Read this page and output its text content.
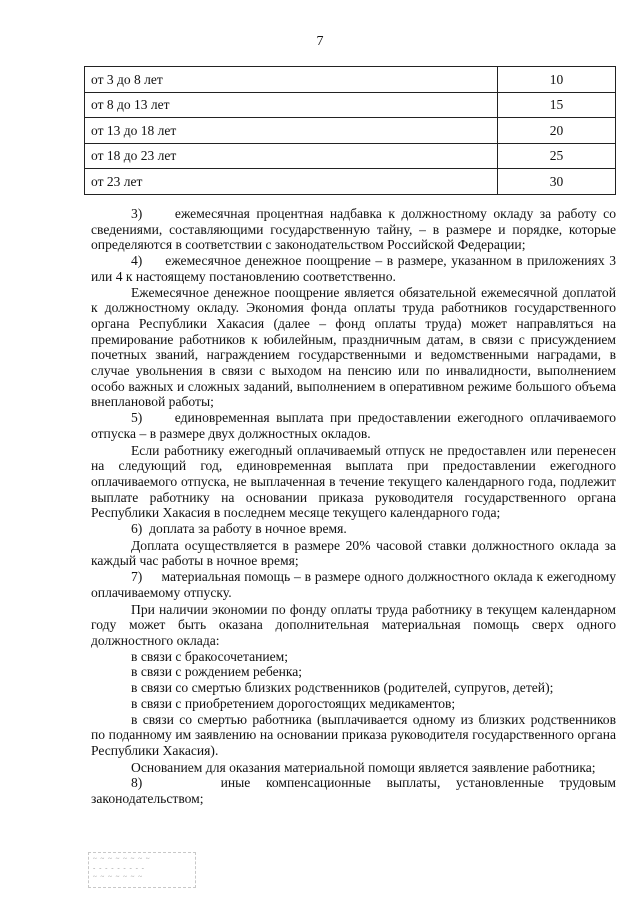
7
от 3 до 8 лет	10
от 8 до 13 лет	15
от 13 до 18 лет	20
от 18 до 23 лет	25
от 23 лет	30

3)     ежемесячная процентная надбавка к должностному окладу за работу со сведениями, составляющими государственную тайну, – в размере и порядке, которые определяются в соответствии с законодательством Российской Федерации;

4)     ежемесячное денежное поощрение – в размере, указанном в приложениях 3 или 4 к настоящему постановлению соответственно.

Ежемесячное денежное поощрение является обязательной ежемесячной доплатой к должностному окладу. Экономия фонда оплаты труда работников государственного органа Республики Хакасия (далее – фонд оплаты труда) может направляться на премирование работников к юбилейным, праздничным датам, в связи с присуждением почетных званий, награждением государственными и ведомственными наградами, в случае увольнения в связи с выходом на пенсию или по инвалидности, выполнением особо важных и сложных заданий, выполнением в оперативном режиме большого объема внеплановой работы;

5)     единовременная выплата при предоставлении ежегодного оплачиваемого отпуска – в размере двух должностных окладов.

Если работнику ежегодный оплачиваемый отпуск не предоставлен или перенесен на следующий год, единовременная выплата при предоставлении ежегодного оплачиваемого отпуска, не выплаченная в течение текущего календарного года, подлежит выплате работнику на основании приказа руководителя государственного органа Республики Хакасия в последнем месяце текущего календарного года;

6)  доплата за работу в ночное время.

Доплата осуществляется в размере 20% часовой ставки должностного оклада за каждый час работы в ночное время;

7)     материальная помощь – в размере одного должностного оклада к ежегодному оплачиваемому отпуску.

При наличии экономии по фонду оплаты труда работнику в текущем календарном году может быть оказана дополнительная материальная помощь сверх одного должностного оклада:

в связи с бракосочетанием;

в связи с рождением ребенка;

в связи со смертью близких родственников (родителей, супругов, детей);

в связи с приобретением дорогостоящих медикаментов;

в связи со смертью работника (выплачивается одному из близких родственников по поданному им заявлению на основании приказа руководителя государственного органа Республики Хакасия).

Основанием для оказания материальной помощи является заявление работника;

8)     иные компенсационные выплаты, установленные трудовым законодательством;

~ ~ ~ ~ ~ ~ ~ ~
- - - - - - - - -
~ ~ ~ ~ ~ ~ ~
